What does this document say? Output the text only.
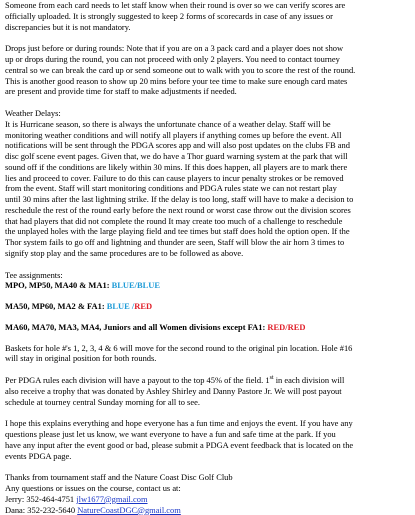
Someone from each card needs to let staff know when their round is over so we can verify scores are
officially uploaded. It is strongly suggested to keep 2 forms of scorecards in case of any issues or
discrepancies but it is not mandatory.

Drops just before or during rounds: Note that if you are on a 3 pack card and a player does not show
up or drops during the round, you can not proceed with only 2 players. You need to contact tourney
central so we can break the card up or send someone out to walk with you to score the rest of the round.
This is another good reason to show up 20 mins before your tee time to make sure enough card mates
are present and provide time for staff to make adjustments if needed.

Weather Delays:
It is Hurricane season, so there is always the unfortunate chance of a weather delay. Staff will be
monitoring weather conditions and will notify all players if anything comes up before the event. All
notifications will be sent through the PDGA scores app and will also post updates on the clubs FB and
disc golf scene event pages. Given that, we do have a Thor guard warning system at the park that will
sound off if the conditions are likely within 30 mins. If this does happen, all players are to mark there
lies and proceed to cover. Failure to do this can cause players to incur penalty strokes or be removed
from the event. Staff will start monitoring conditions and PDGA rules state we can not restart play
until 30 mins after the last lightning strike. If the delay is too long, staff will have to make a decision to
reschedule the rest of the round early before the next round or worst case throw out the division scores
that had players that did not complete the round It may create too much of a challenge to reschedule
the unplayed holes with the large playing field and tee times but staff does hold the option open. If the
Thor system fails to go off and lightning and thunder are seen, Staff will blow the air horn 3 times to
signify stop play and the same procedures are to be followed as above.

Tee assignments:
MPO, MP50, MA40 & MA1: BLUE/BLUE
MA50, MP60, MA2 & FA1: BLUE /RED
MA60, MA70, MA3, MA4, Juniors and all Women divisions except FA1: RED/RED

Baskets for hole #'s 1, 2, 3, 4 & 6 will move for the second round to the original pin location. Hole #16
will stay in original position for both rounds.

Per PDGA rules each division will have a payout to the top 45% of the field. 1st in each division will
also receive a trophy that was donated by Ashley Shirley and Danny Pastore Jr. We will post payout
schedule at tourney central Sunday morning for all to see.

I hope this explains everything and hope everyone has a fun time and enjoys the event. If you have any
questions please just let us know, we want everyone to have a fun and safe time at the park. If you
have any input after the event good or bad, please submit a PDGA event feedback that is located on the
events PDGA page.

Thanks from tournament staff and the Nature Coast Disc Golf Club
Any questions or issues on the course, contact us at:
Jerry: 352-464-4751 jlw1677@gmail.com
Dana: 352-232-5640 NatureCoastDGC@gmail.com
